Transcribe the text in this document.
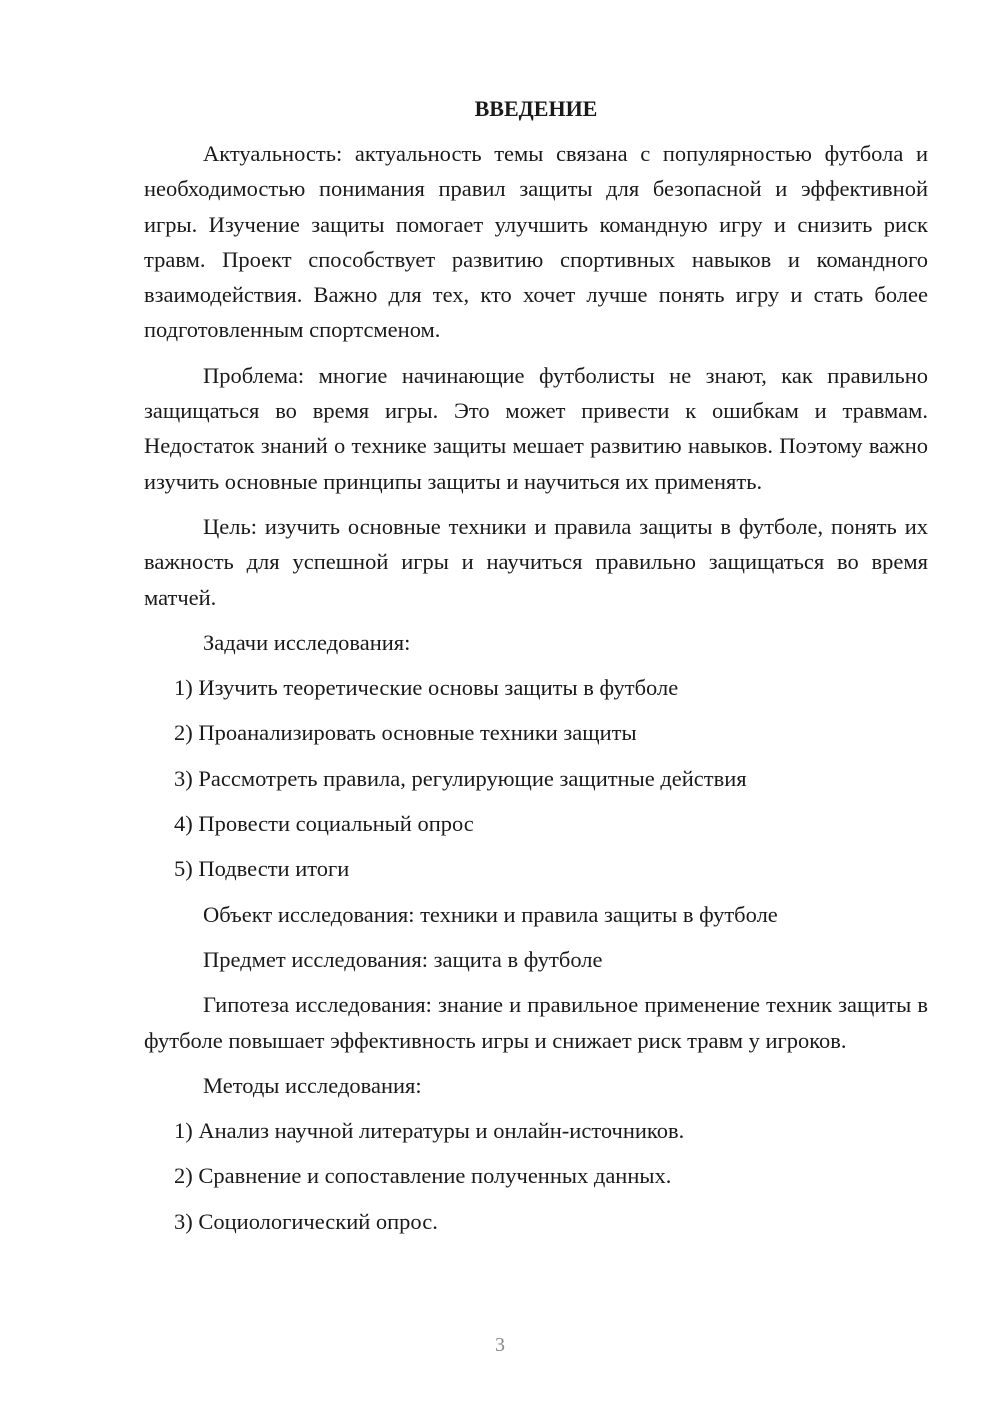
ВВЕДЕНИЕ

Актуальность: актуальность темы связана с популярностью футбола и необходимостью понимания правил защиты для безопасной и эффективной игры. Изучение защиты помогает улучшить командную игру и снизить риск травм. Проект способствует развитию спортивных навыков и командного взаимодействия. Важно для тех, кто хочет лучше понять игру и стать более подготовленным спортсменом.

Проблема: многие начинающие футболисты не знают, как правильно защищаться во время игры. Это может привести к ошибкам и травмам. Недостаток знаний о технике защиты мешает развитию навыков. Поэтому важно изучить основные принципы защиты и научиться их применять.

Цель: изучить основные техники и правила защиты в футболе, понять их важность для успешной игры и научиться правильно защищаться во время матчей.

Задачи исследования:
1) Изучить теоретические основы защиты в футболе
2) Проанализировать основные техники защиты
3) Рассмотреть правила, регулирующие защитные действия
4) Провести социальный опрос
5) Подвести итоги
Объект исследования: техники и правила защиты в футболе
Предмет исследования: защита в футболе

Гипотеза исследования: знание и правильное применение техник защиты в футболе повышает эффективность игры и снижает риск травм у игроков.

Методы исследования:
1) Анализ научной литературы и онлайн-источников.
2) Сравнение и сопоставление полученных данных.
3) Социологический опрос.
3
